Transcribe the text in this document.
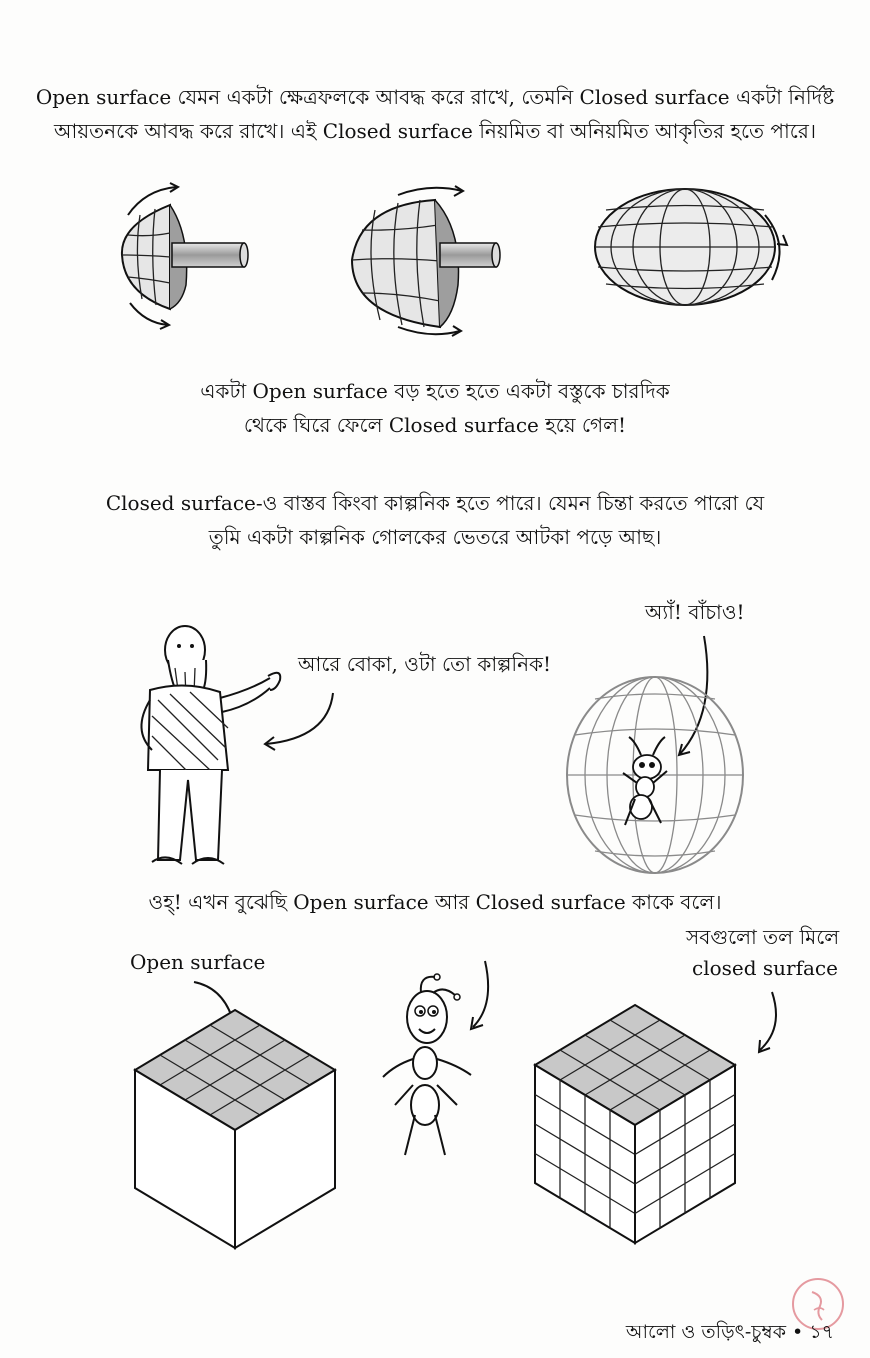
Open surface যেমন একটা ক্ষেত্রফলকে আবদ্ধ করে রাখে, তেমনি Closed surface একটা নির্দিষ্ট
আয়তনকে আবদ্ধ করে রাখে। এই Closed surface নিয়মিত বা অনিয়মিত আকৃতির হতে পারে।
একটা Open surface বড় হতে হতে একটা বস্তুকে চারদিক
থেকে ঘিরে ফেলে Closed surface হয়ে গেল!
Closed surface-ও বাস্তব কিংবা কাল্পনিক হতে পারে। যেমন চিন্তা করতে পারো যে
তুমি একটা কাল্পনিক গোলকের ভেতরে আটকা পড়ে আছ।
আরে বোকা, ওটা তো কাল্পনিক!
অ্যাঁ! বাঁচাও!
ওহ্! এখন বুঝেছি Open surface আর Closed surface কাকে বলে।
Open surface
সবগুলো তল মিলে
closed surface
আলো ও তড়িৎ-চুম্বক • ১৭
